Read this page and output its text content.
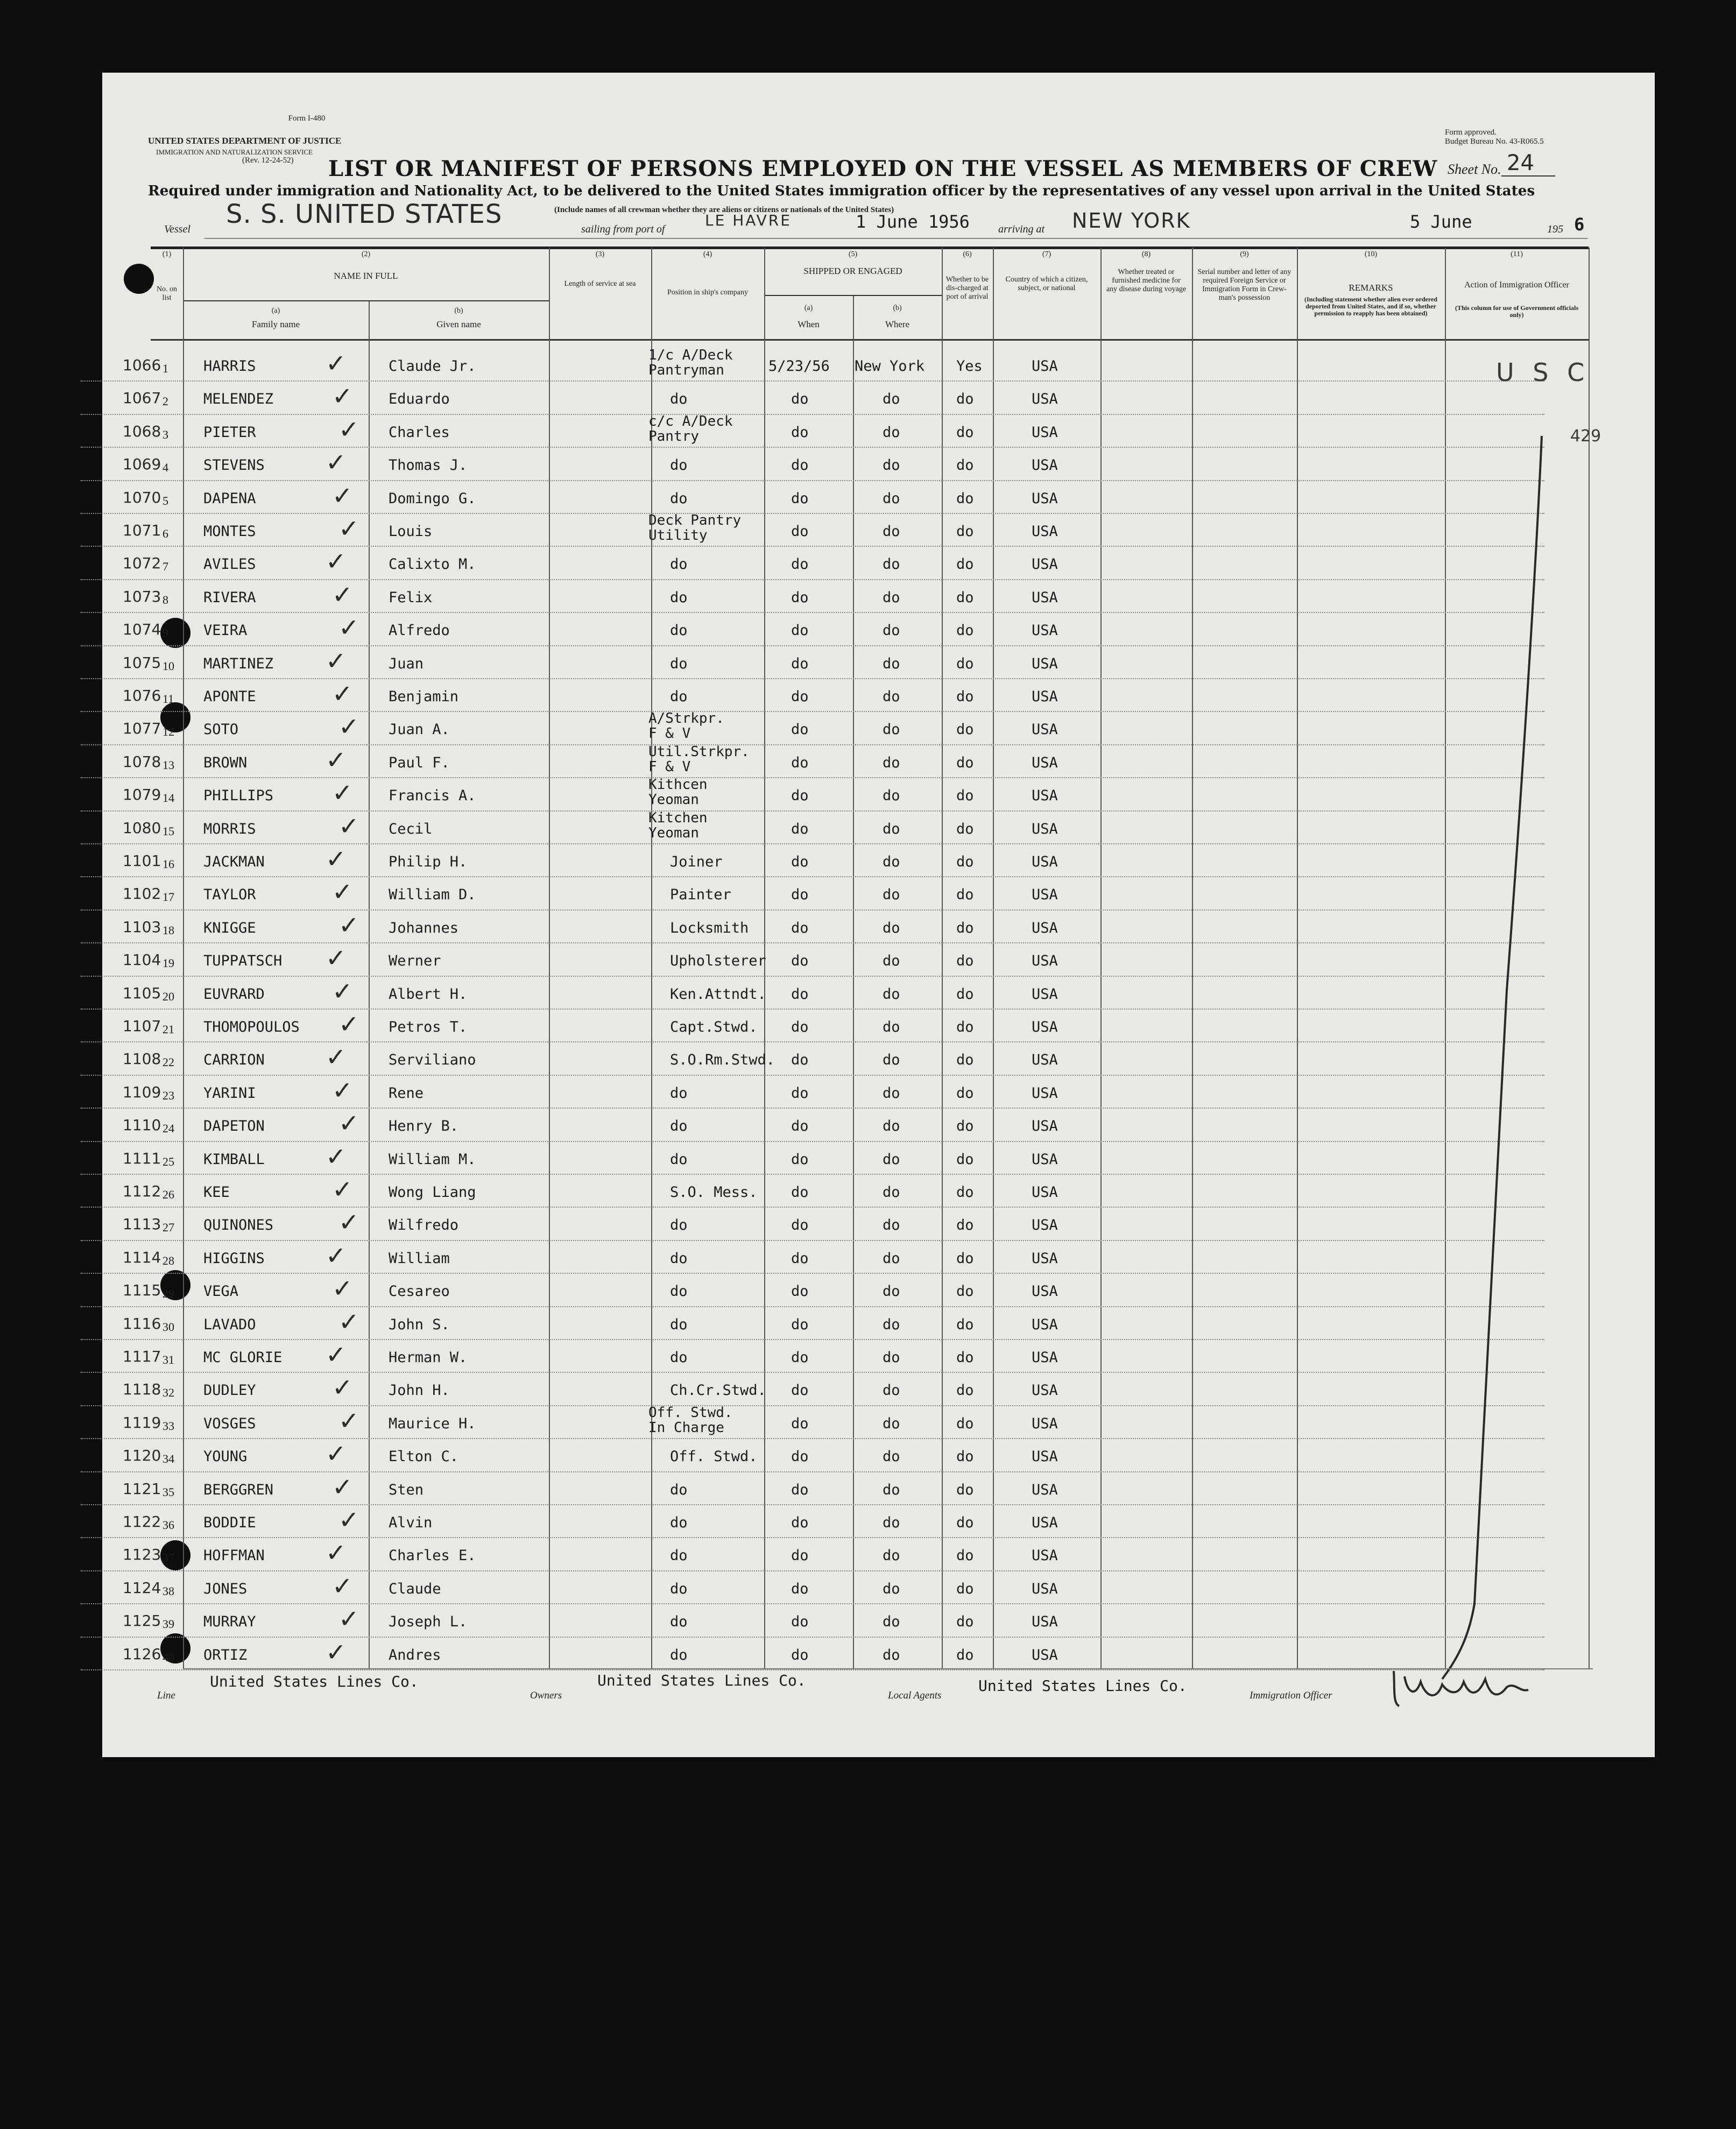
Form I-480
UNITED STATES DEPARTMENT OF JUSTICE
IMMIGRATION AND NATURALIZATION SERVICE
(Rev. 12-24-52)
Form approved.
Budget Bureau No. 43-R065.5
LIST OR MANIFEST OF PERSONS EMPLOYED ON THE VESSEL AS MEMBERS OF CREW Sheet No. 24
Required under immigration and Nationality Act, to be delivered to the United States immigration officer by the representatives of any vessel upon arrival in the United States
(Include names of all crewman whether they are aliens or citizens or nationals of the United States)
Vessel S. S. UNITED STATES	sailing from port of	LE HAVRE	1 June 1956	arriving at NEW YORK	5 June	195 6
(1)
No. on list
(2)
NAME IN FULL
(a)
Family name
(b)
Given name
(3)
Length of service at sea
(4)
Position in ship's company
(5)
SHIPPED OR ENGAGED
(a)
When
(b)
Where
(6)
Whether to be dis-charged at port of arrival
(7)
Country of which a citizen, subject, or national
(8)
Whether treated or furnished medicine for any disease during voyage
(9)
Serial number and letter of any required Foreign Service or Immigration Form in Crew-man's possession
(10)
REMARKS
(Including statement whether alien ever ordered deported from United States, and if so, whether permission to reapply has been obtained)
(11)
Action of Immigration Officer
(This column for use of Government officials only)
1066 1 HARRIS	✓	Claude Jr.
1/c A/Deck
Pantryman	5/23/56 New York Yes	USA
1067 2 MELENDEZ ✓ Eduardo	do	do	do	do	USA
1068 3 PIETER	✓ Charles
c/c A/Deck
Pantry	do	do	do	USA
1069 4 STEVENS ✓	Thomas J.	do	do	do	do	USA
1070 5 DAPENA	✓ Domingo G.	do	do	do	do	USA
1071 6 MONTES	✓ Louis
Deck Pantry
Utility	do	do	do	USA
1072 7 AVILES	✓	Calixto M.	do	do	do	do	USA
1073 8 RIVERA	✓ Felix	do	do	do	do	USA
1074 9 VEIRA	✓ Alfredo	do	do	do	do	USA
1075 10 MARTINEZ ✓	Juan	do	do	do	do	USA
1076 11 APONTE	✓ Benjamin	do	do	do	do	USA
1077 12 SOTO	✓ Juan A.
A/Strkpr.
F & V	do	do	do	USA
1078 13 BROWN	✓	Paul F.
Util.Strkpr.
F & V	do	do	do	USA
1079 14 PHILLIPS ✓ Francis A.
Kithcen
Yeoman	do	do	do	USA
1080 15 MORRIS	✓ Cecil
Kitchen
Yeoman	do	do	do	USA
1101 16 JACKMAN ✓	Philip H.	Joiner	do	do	do	USA
1102 17 TAYLOR	✓ William D.	Painter	do	do	do	USA
1103 18 KNIGGE	✓ Johannes	Locksmith	do	do	do	USA
1104 19 TUPPATSCH ✓	Werner	Upholsterer do	do	do	USA
1105 20 EUVRARD	✓ Albert H.	Ken.Attndt. do	do	do	USA
1107 21 THOMOPOULOS ✓ Petros T.	Capt.Stwd. do	do	do	USA
1108 22 CARRION ✓	Serviliano	S.O.Rm.Stwd. do	do	do	USA
1109 23 YARINI	✓ Rene	do	do	do	do	USA
1110 24 DAPETON	✓ Henry B.	do	do	do	do	USA
1111 25 KIMBALL ✓	William M.	do	do	do	do	USA
1112 26 KEE	✓ Wong Liang	S.O. Mess. do	do	do	USA
1113 27 QUINONES	✓ Wilfredo	do	do	do	do	USA
1114 28 HIGGINS ✓	William	do	do	do	do	USA
1115 29 VEGA	✓ Cesareo	do	do	do	do	USA
1116 30 LAVADO	✓ John S.	do	do	do	do	USA
1117 31 MC GLORIE ✓	Herman W.	do	do	do	do	USA
1118 32 DUDLEY	✓ John H.	Ch.Cr.Stwd. do	do	do	USA
1119 33 VOSGES	✓ Maurice H.
Off. Stwd.
In Charge	do	do	do	USA
1120 34 YOUNG	✓	Elton C.	Off. Stwd. do	do	do	USA
1121 35 BERGGREN ✓ Sten	do	do	do	do	USA
1122 36 BODDIE	✓ Alvin	do	do	do	do	USA
1123 37 HOFFMAN ✓	Charles E.	do	do	do	do	USA
1124 38 JONES	✓ Claude	do	do	do	do	USA
1125 39 MURRAY	✓ Joseph L.	do	do	do	do	USA
1126 40 ORTIZ	✓	Andres	do	do	do	do	USA
U S C
429
Line
United States Lines Co.
Owners
United States Lines Co.
Local Agents
United States Lines Co.
Immigration Officer
